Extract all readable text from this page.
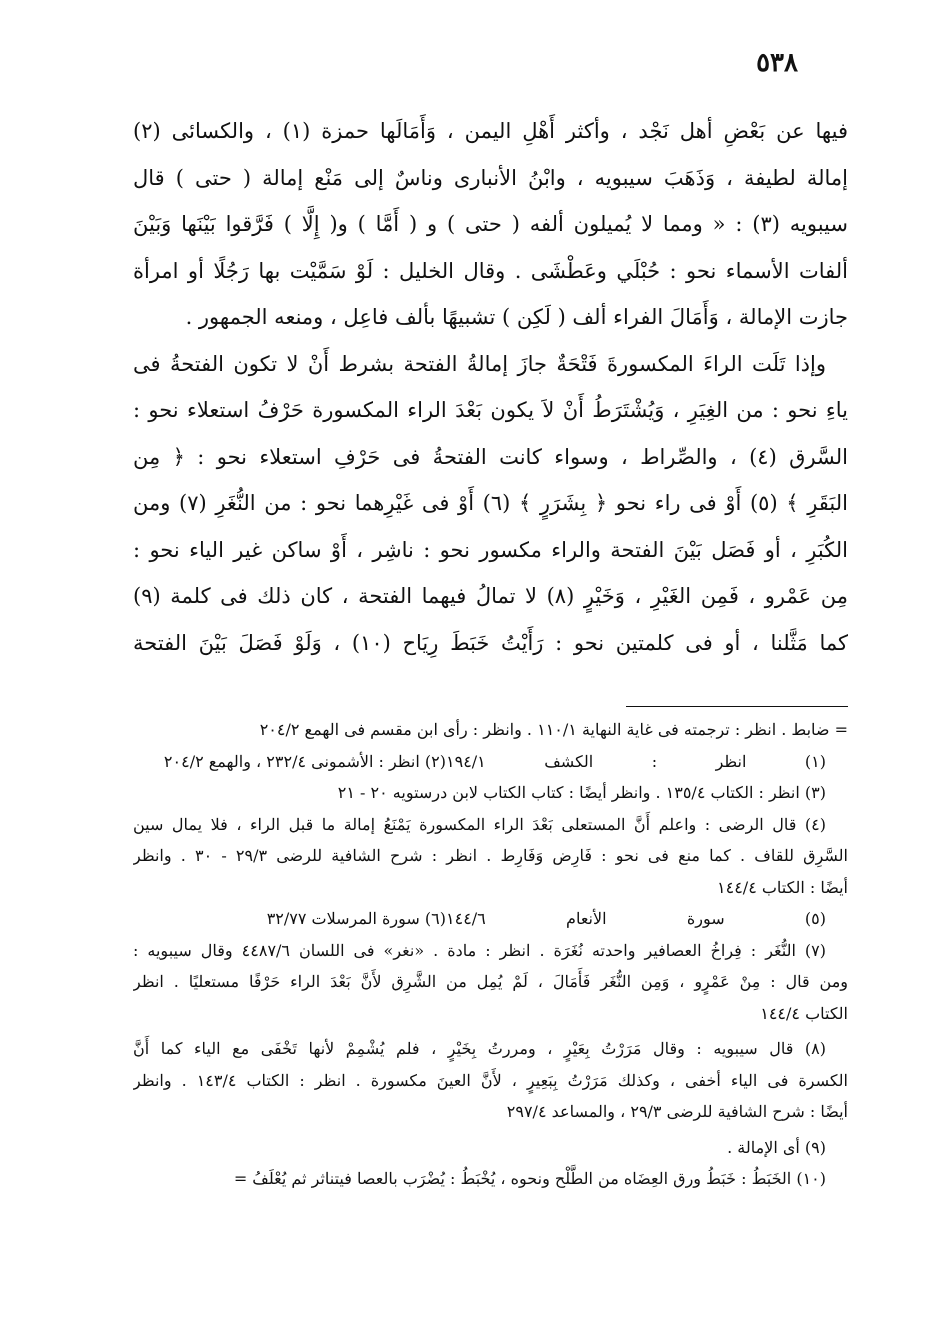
٥٣٨
فيها عن بَعْضِ أهل نَجْد ، وأكثر أَهْلِ اليمن ، وَأَمَالَها حمزة (١) ، والكسائى (٢)
إمالة لطيفة ، وَذَهَبَ سيبويه ، وابْنُ الأنبارى وناسٌ إلى مَنْع إمالة ( حتى ) قال
سيبويه (٣) : « ومما لا يُميلون ألفه ( حتى ) و ( أَمَّا ) و( إِلَّا ) فَرَّقوا بَيْنَها وَبَيْنَ
ألفات الأسماء نحو : حُبْلَي وعَطْشَى . وقال الخليل : لَوْ سَمَّيْت بها رَجُلًا أو امرأة
جازت الإمالة ، وَأَمَالَ الفراء ألف ( لَكِن ) تشبيهًا بألف فاعِل ، ومنعه الجمهور .
وإذا تَلَت الراءَ المكسورةَ فَتْحَةٌ جازَ إمالةُ الفتحة بشرط أَنْ لا تكون الفتحةُ فى
ياءِ نحو : من الغِيَرِ ، وَيُشْتَرَطُ أَنْ لاَ يكون بَعْدَ الراء المكسورة حَرْفُ استعلاء نحو :
السَّرق (٤) ، والصِّراط ، وسواء كانت الفتحةُ فى حَرْفِ استعلاء نحو : ﴿ مِن
البَقَرِ ﴾ (٥) أَوْ فى راء نحو ﴿ بِشَرَرٍ ﴾ (٦) أَوْ فى غَيْرِهما نحو : من النُّغَرِ (٧) ومن
الكُبَرِ ، أو فَصَل بَيْنَ الفتحة والراء مكسور نحو : ناشِر ، أَوْ ساكن غير الياء نحو :
مِن عَمْرو ، فَمِن الغَيْرِ ، وَخَيْرٍ (٨) لا تمالُ فيهما الفتحة ، كان ذلك فى كلمة (٩)
كما مَثَّلنا ، أو فى كلمتين نحو : رَأَيْتُ خَبَطَ رِيَاح (١٠) ، وَلَوْ فَصَلَ بَيْنَ الفتحة
= ضابط . انظر : ترجمته فى غاية النهاية ١١٠/١ . وانظر : رأى ابن مقسم فى الهمع ٢٠٤/٢
(١) انظر : الكشف ١٩٤/١
(٢) انظر : الأشمونى ٢٣٢/٤ ، والهمع ٢٠٤/٢
(٣) انظر : الكتاب ١٣٥/٤ . وانظر أيضًا : كتاب الكتاب لابن درستويه ٢٠ - ٢١
(٤) قال الرضى : واعلم أَنَّ المستعلى بَعْدَ الراء المكسورة يَمْنَعُ إمالة ما قبل الراء ، فلا يمال سين
السَّرِق للقاف . كما منع فى نحو : فَارِض وَفَارِط . انظر : شرح الشافية للرضى ٢٩/٣ - ٣٠ . وانظر
أيضًا : الكتاب ١٤٤/٤
(٥) سورة الأنعام ١٤٤/٦
(٦) سورة المرسلات ٣٢/٧٧
(٧) النُّغَر : فِراخُ العصافير واحدته نُغَرَة . انظر : مادة . «نغر» فى اللسان ٤٤٨٧/٦ وقال سيبويه :
ومن قال : مِنْ عَمْرٍو ، وَمِن النُّغَر فَأَمَالَ ، لَمْ يُمِل من الشَّرِق لأَنَّ بَعْدَ الراء حَرْفًا مستعليًا . انظر
الكتاب ١٤٤/٤
(٨) قال سيبويه : وقال مَرَرْتُ بِعَيْرٍ ، ومررتُ بِخَيْرٍ ، فلم يُشْمِمْ لأنها تَخْفَى مع الياء كما أَنَّ
الكسرة فى الياء أخفى ، وكذلك مَرَرْتُ بِبَعِيرٍ ، لأَنَّ العينَ مكسورة . انظر : الكتاب ١٤٣/٤ . وانظر
أيضًا : شرح الشافية للرضى ٢٩/٣ ، والمساعد ٢٩٧/٤
(٩) أى الإمالة .
(١٠) الخَبَطُ : خَبَطُ ورق العِضَاه من الطَّلْح ونحوه ، يُخْبَطُ : يُضْرَب بالعصا فيتناثر ثم يُعْلَفُ =
